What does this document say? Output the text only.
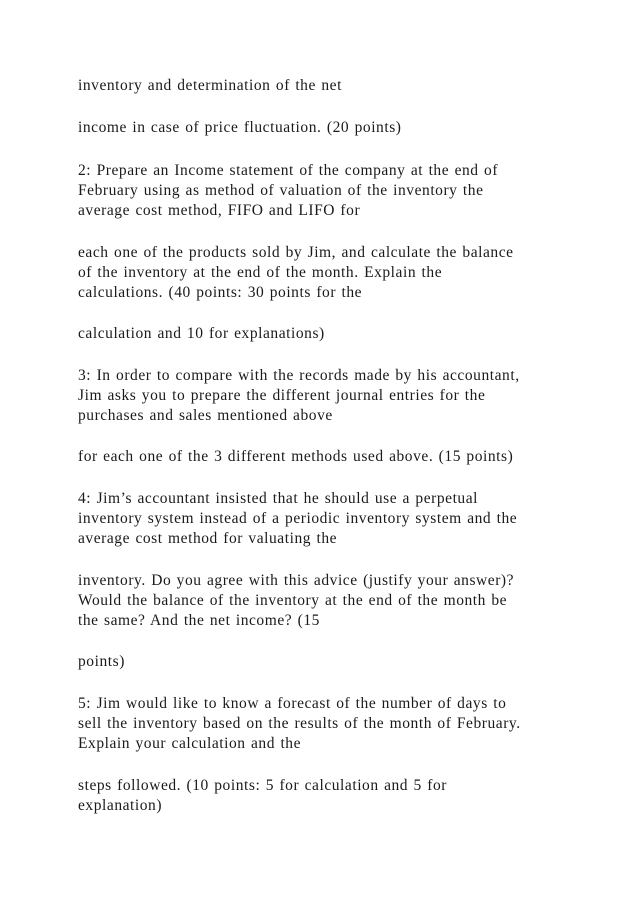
inventory and determination of the net
income in case of price fluctuation. (20 points)
2: Prepare an Income statement of the company at the end of
February using as method of valuation of the inventory the
average cost method, FIFO and LIFO for
each one of the products sold by Jim, and calculate the balance
of the inventory at the end of the month. Explain the
calculations. (40 points: 30 points for the
calculation and 10 for explanations)
3: In order to compare with the records made by his accountant,
Jim asks you to prepare the different journal entries for the
purchases and sales mentioned above
for each one of the 3 different methods used above. (15 points)
4: Jim’s accountant insisted that he should use a perpetual
inventory system instead of a periodic inventory system and the
average cost method for valuating the
inventory. Do you agree with this advice (justify your answer)?
Would the balance of the inventory at the end of the month be
the same? And the net income? (15
points)
5: Jim would like to know a forecast of the number of days to
sell the inventory based on the results of the month of February.
Explain your calculation and the
steps followed. (10 points: 5 for calculation and 5 for
explanation)
